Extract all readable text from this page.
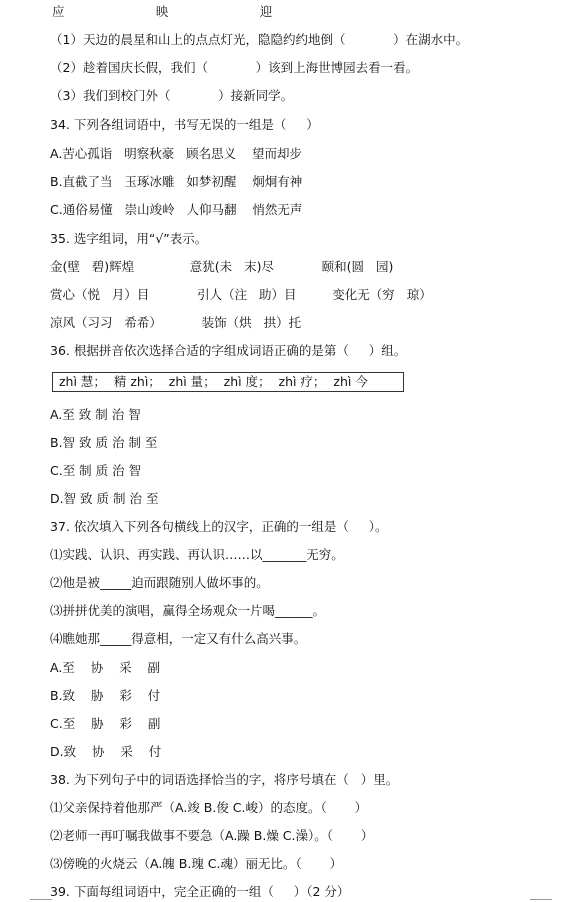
应                       映                       迎
（1）天边的晨星和山上的点点灯光，隐隐约约地倒（            ）在湖水中。
（2）趁着国庆长假，我们（            ）该到上海世博园去看一看。
（3）我们到校门外（            ）接新同学。
34. 下列各组词语中，书写无误的一组是（     ）
A.苦心孤诣   明察秋豪   顾名思义    望而却步
B.直截了当   玉琢冰雕   如梦初醒    炯炯有神
C.通俗易懂   崇山竣岭   人仰马翻    悄然无声
35. 选字组词，用“√”表示。
金(壁   碧)辉煌              意犹(未   末)尽            颐和(圆   园)
赏心（悦   月）目            引人（注   助）目         变化无（穷   琼）
凉风（习习   希希）          装饰（烘   拱）托
36. 根据拼音依次选择合适的字组成词语正确的是第（     ）组。
zhì 慧；  精 zhì；  zhì 量；  zhì 度；  zhì 疗；  zhì 今
A.至 致 制 治 智
B.智 致 质 治 制 至
C.至 制 质 治 智
D.智 致 质 制 治 至
37. 依次填入下列各句横线上的汉字，正确的一组是（     ）。
⑴实践、认识、再实践、再认识……以_______无穷。
⑵他是被_____迫而跟随别人做坏事的。
⑶拼拼优美的演唱，赢得全场观众一片喝______。
⑷瞧她那_____得意相，一定又有什么高兴事。
A.至    协    采    副
B.致    胁    彩    付
C.至    胁    彩    副
D.致    协    采    付
38. 为下列句子中的词语选择恰当的字，将序号填在（   ）里。
⑴父亲保持着他那严（A.竣 B.俊 C.峻）的态度。（       ）
⑵老师一再叮嘱我做事不要急（A.躁 B.燥 C.澡）。（       ）
⑶傍晚的火烧云（A.魄 B.瑰 C.魂）丽无比。（       ）
39. 下面每组词语中，完全正确的一组（     ）（2 分）
